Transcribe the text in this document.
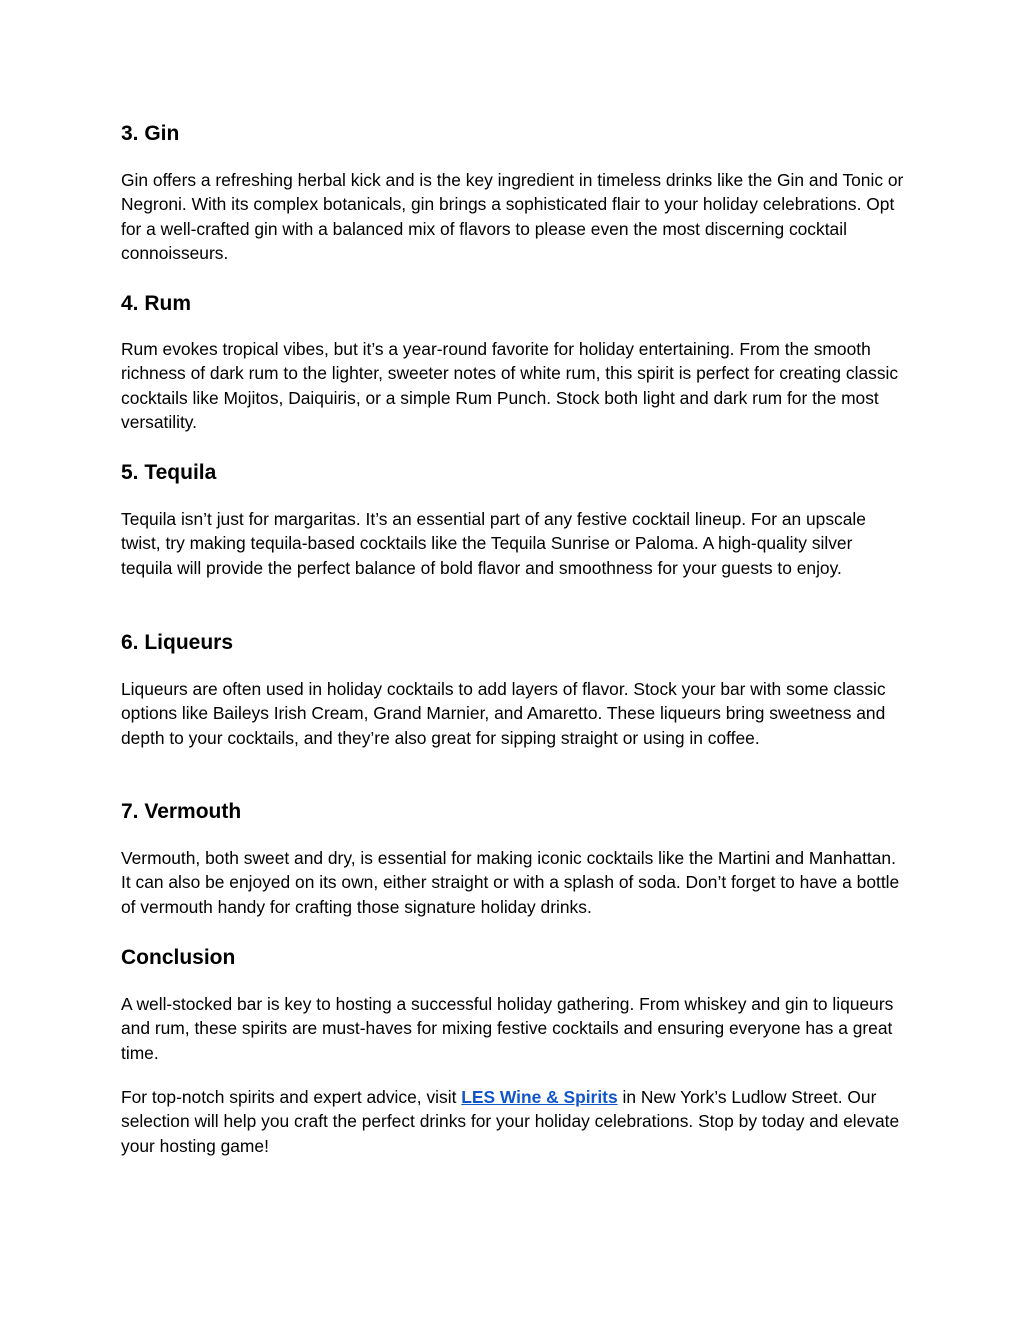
3. Gin

Gin offers a refreshing herbal kick and is the key ingredient in timeless drinks like the Gin and Tonic or Negroni. With its complex botanicals, gin brings a sophisticated flair to your holiday celebrations. Opt for a well-crafted gin with a balanced mix of flavors to please even the most discerning cocktail connoisseurs.

4. Rum

Rum evokes tropical vibes, but it’s a year-round favorite for holiday entertaining. From the smooth richness of dark rum to the lighter, sweeter notes of white rum, this spirit is perfect for creating classic cocktails like Mojitos, Daiquiris, or a simple Rum Punch. Stock both light and dark rum for the most versatility.

5. Tequila

Tequila isn’t just for margaritas. It’s an essential part of any festive cocktail lineup. For an upscale twist, try making tequila-based cocktails like the Tequila Sunrise or Paloma. A high-quality silver tequila will provide the perfect balance of bold flavor and smoothness for your guests to enjoy.

6. Liqueurs

Liqueurs are often used in holiday cocktails to add layers of flavor. Stock your bar with some classic options like Baileys Irish Cream, Grand Marnier, and Amaretto. These liqueurs bring sweetness and depth to your cocktails, and they’re also great for sipping straight or using in coffee.

7. Vermouth

Vermouth, both sweet and dry, is essential for making iconic cocktails like the Martini and Manhattan. It can also be enjoyed on its own, either straight or with a splash of soda. Don’t forget to have a bottle of vermouth handy for crafting those signature holiday drinks.

Conclusion

A well-stocked bar is key to hosting a successful holiday gathering. From whiskey and gin to liqueurs and rum, these spirits are must-haves for mixing festive cocktails and ensuring everyone has a great time.

For top-notch spirits and expert advice, visit LES Wine & Spirits in New York’s Ludlow Street. Our selection will help you craft the perfect drinks for your holiday celebrations. Stop by today and elevate your hosting game!
